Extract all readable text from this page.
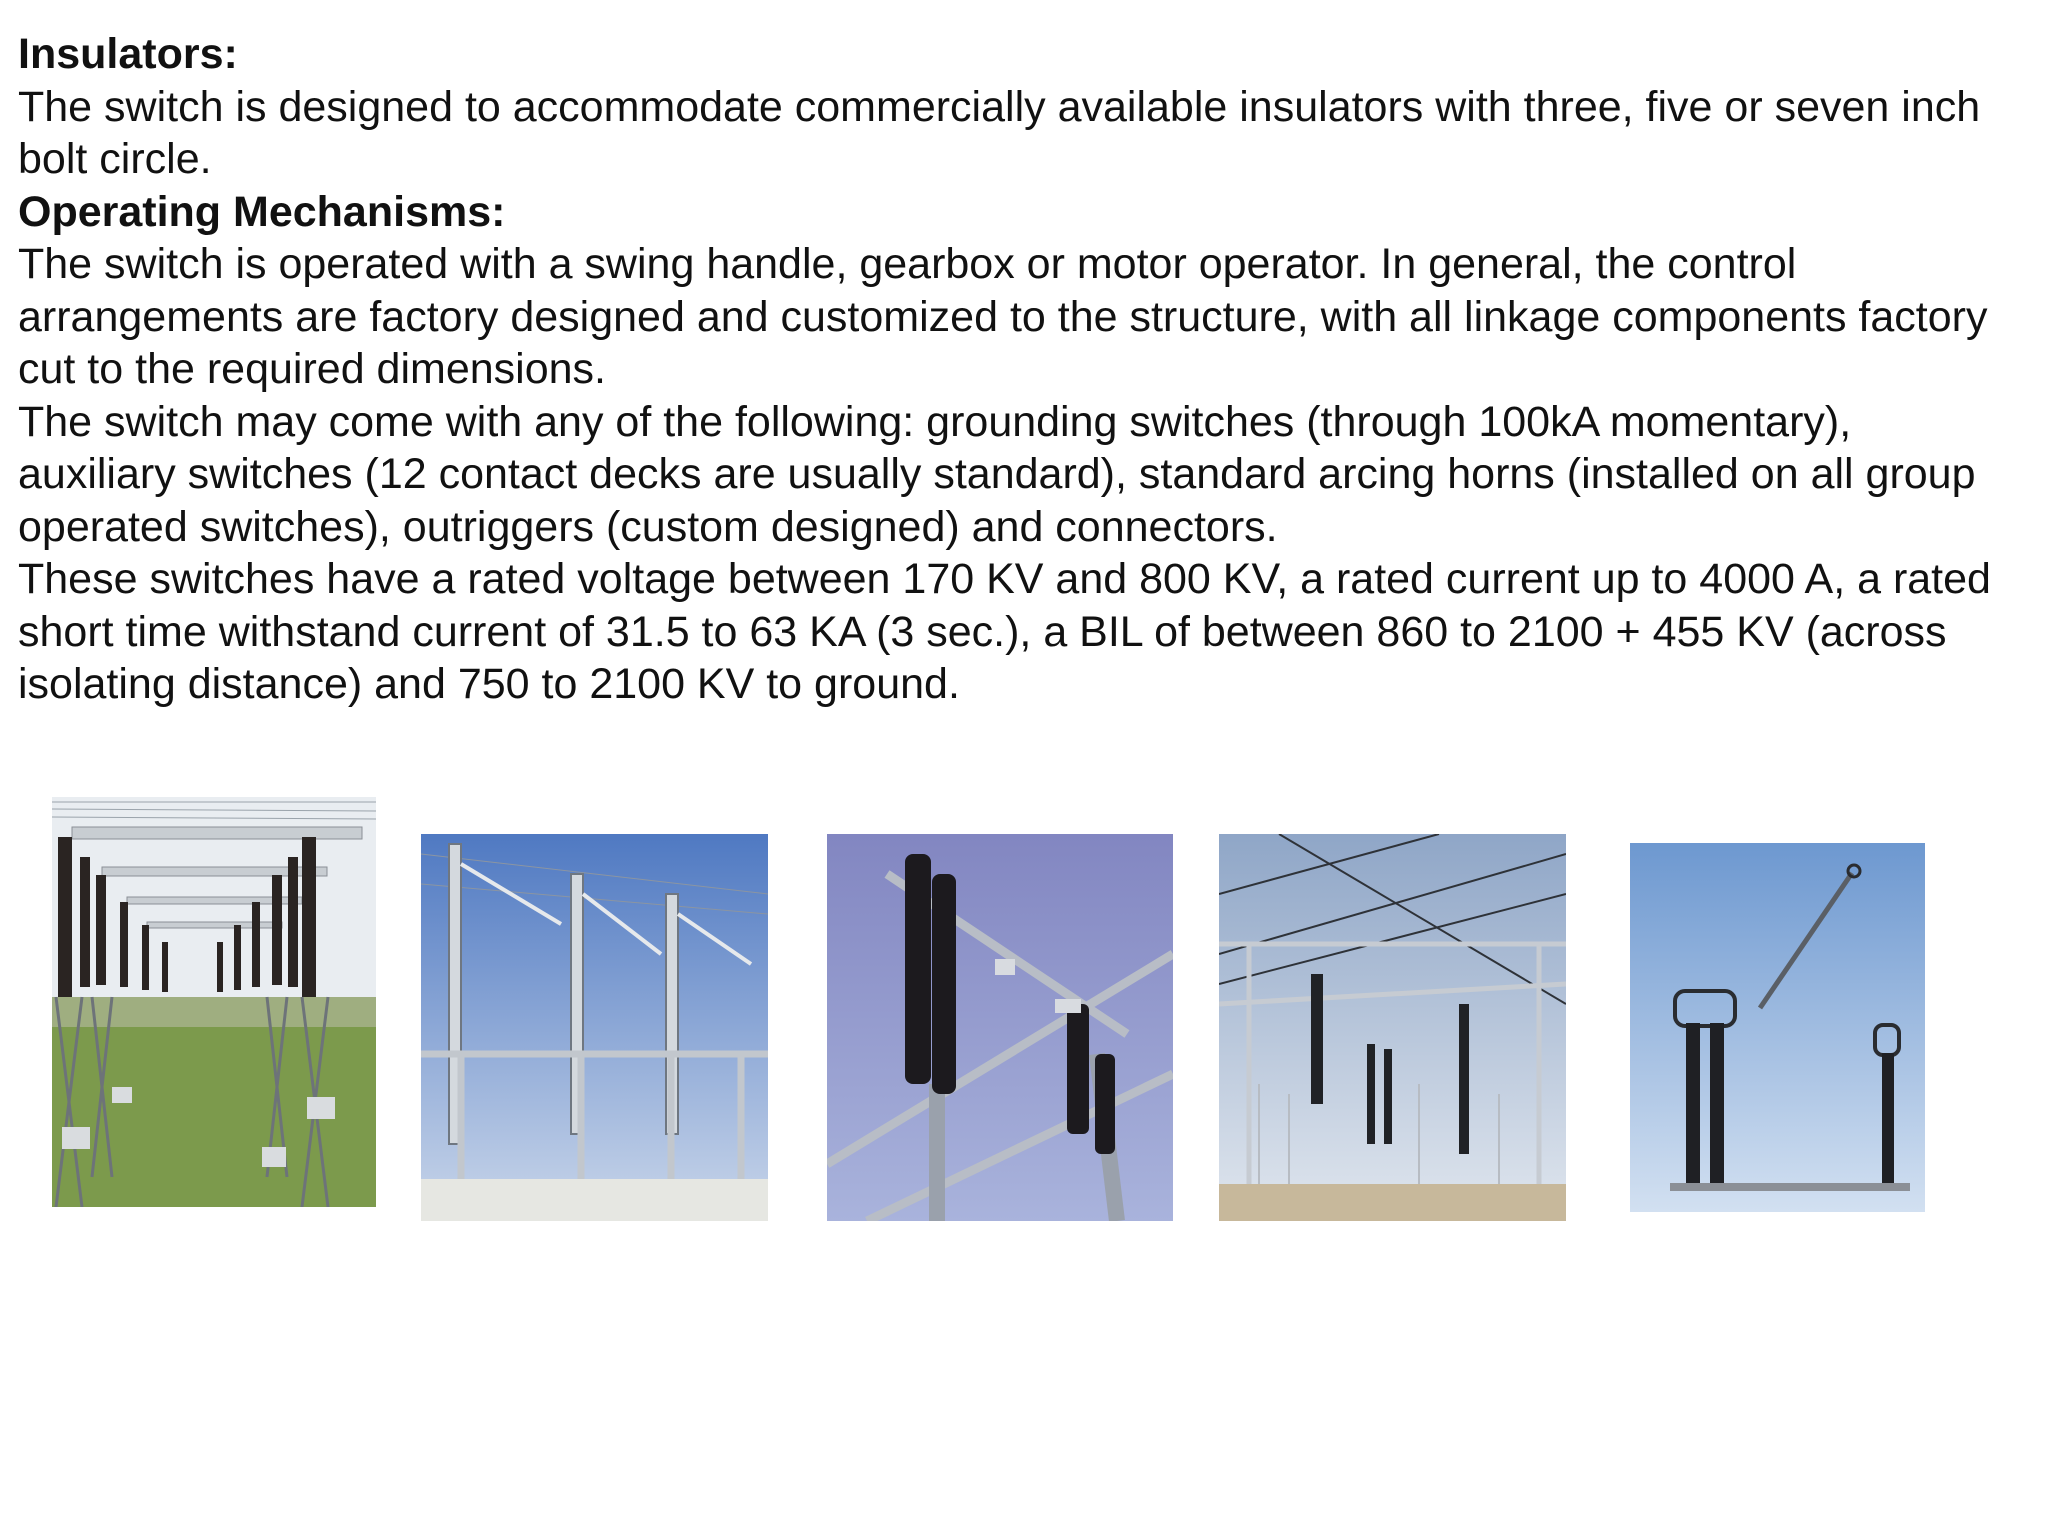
Insulators:

The switch is designed to accommodate commercially available insulators with three, five or seven inch bolt circle.

Operating Mechanisms:

The switch is operated with a swing handle, gearbox or motor operator. In general, the control arrangements are factory designed and customized to the structure, with all linkage components factory cut to the required dimensions.

The switch may come with any of the following: grounding switches (through 100kA momentary), auxiliary switches (12 contact decks are usually standard), standard arcing horns (installed on all group operated switches), outriggers (custom designed) and connectors.

These switches have a rated voltage between 170 KV and 800 KV, a rated current up to 4000 A, a rated short time withstand current of 31.5 to 63 KA (3 sec.), a BIL of between 860 to 2100 + 455 KV (across isolating distance) and 750 to 2100 KV to ground.
